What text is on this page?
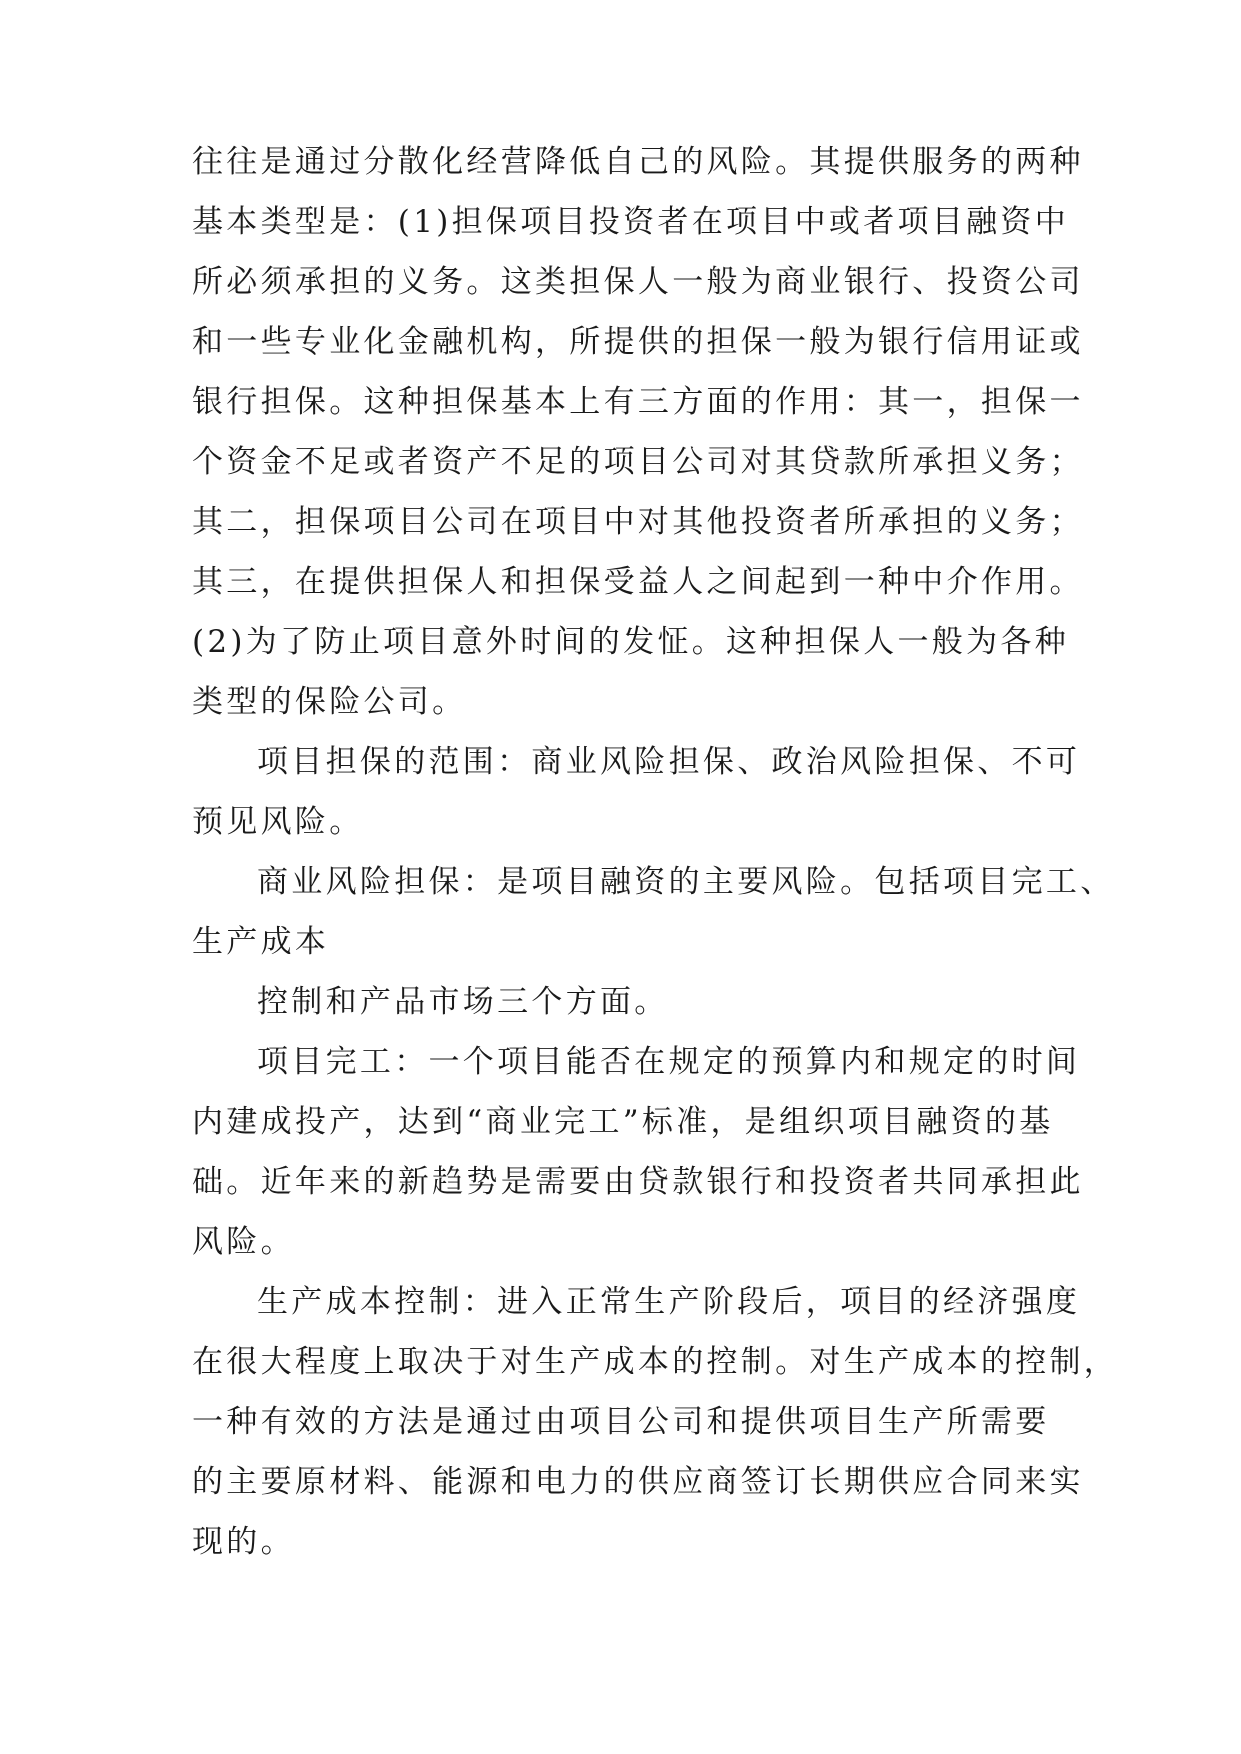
往往是通过分散化经营降低自己的风险。其提供服务的两种
基本类型是：(1)担保项目投资者在项目中或者项目融资中
所必须承担的义务。这类担保人一般为商业银行、投资公司
和一些专业化金融机构，所提供的担保一般为银行信用证或
银行担保。这种担保基本上有三方面的作用：其一，担保一
个资金不足或者资产不足的项目公司对其贷款所承担义务；
其二，担保项目公司在项目中对其他投资者所承担的义务；
其三，在提供担保人和担保受益人之间起到一种中介作用。
(2)为了防止项目意外时间的发怔。这种担保人一般为各种
类型的保险公司。
项目担保的范围：商业风险担保、政治风险担保、不可
预见风险。
商业风险担保：是项目融资的主要风险。包括项目完工、
生产成本
控制和产品市场三个方面。
项目完工：一个项目能否在规定的预算内和规定的时间
内建成投产，达到“商业完工”标准，是组织项目融资的基
础。近年来的新趋势是需要由贷款银行和投资者共同承担此
风险。
生产成本控制：进入正常生产阶段后，项目的经济强度
在很大程度上取决于对生产成本的控制。对生产成本的控制，
一种有效的方法是通过由项目公司和提供项目生产所需要
的主要原材料、能源和电力的供应商签订长期供应合同来实
现的。
